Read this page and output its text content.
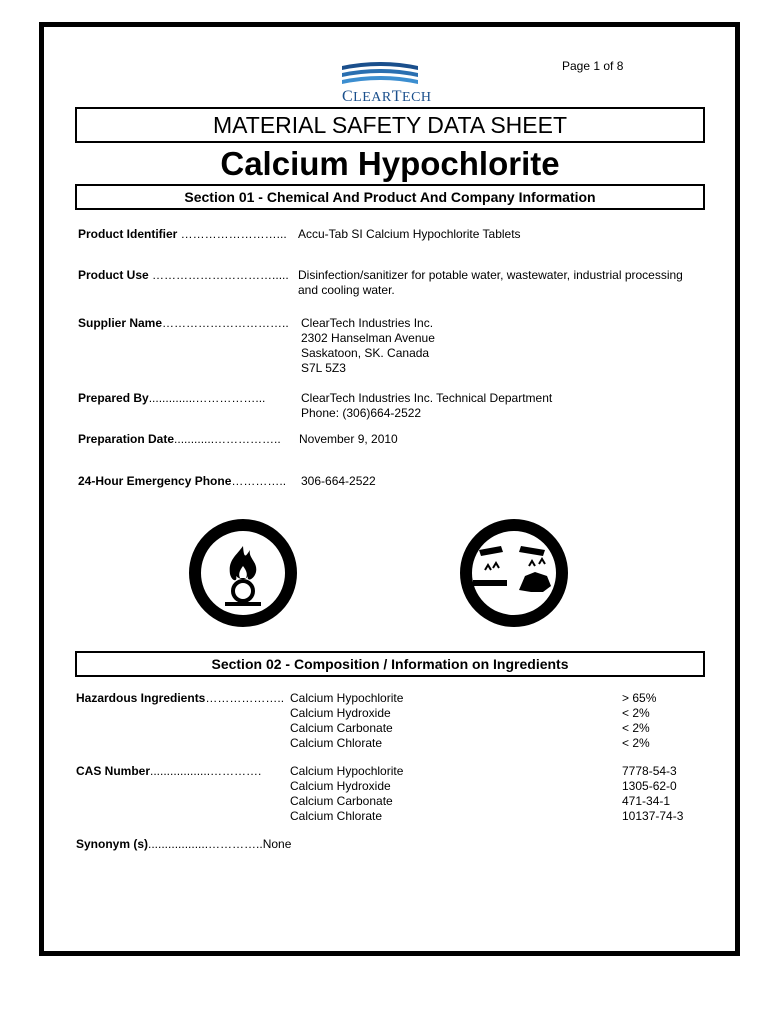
Page 1 of 8
CLEARTECH
MATERIAL SAFETY DATA SHEET
Calcium Hypochlorite
Section 01 - Chemical And Product And Company Information
Product Identifier ……………………... Accu-Tab SI Calcium Hypochlorite Tablets
Product Use …………………………..... Disinfection/sanitizer for potable water, wastewater, industrial processing
and cooling water.
Supplier Name………………………….. ClearTech Industries Inc.
2302 Hanselman Avenue
Saskatoon, SK. Canada
S7L 5Z3
Prepared By..............……………...	ClearTech Industries Inc. Technical Department
Phone: (306)664-2522
Preparation Date............…………….. November 9, 2010
24-Hour Emergency Phone………….. 306-664-2522
Section 02 - Composition / Information on Ingredients
Hazardous Ingredients……………….. Calcium Hypochlorite
Calcium Hydroxide
Calcium Carbonate
Calcium Chlorate
> 65%
< 2%
< 2%
< 2%
CAS Number..................…………. Calcium Hypochlorite
Calcium Hydroxide
Calcium Carbonate
Calcium Chlorate
7778-54-3
1305-62-0
471-34-1
10137-74-3
Synonym (s)..................…………..None
